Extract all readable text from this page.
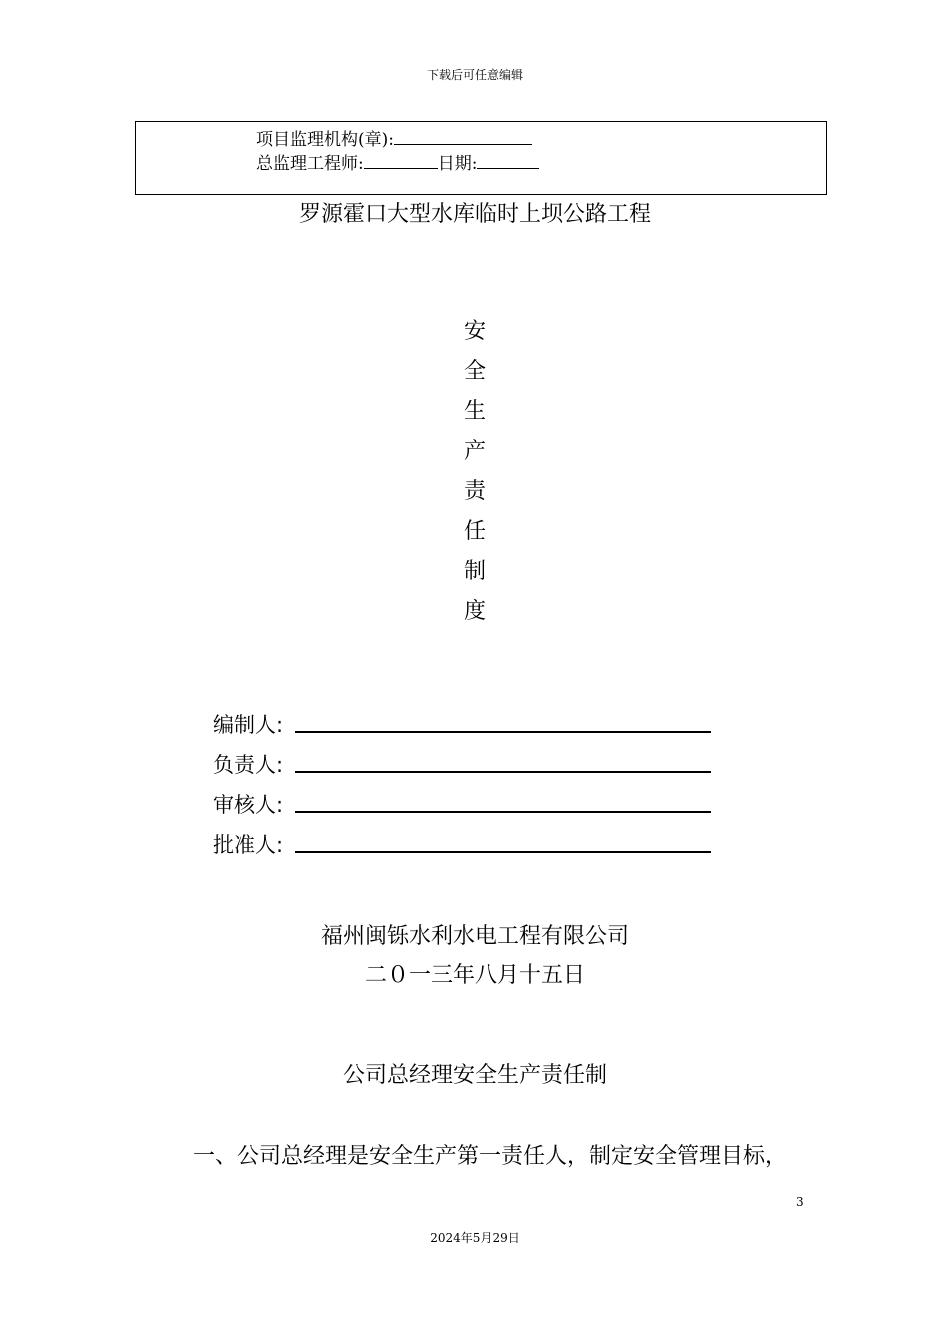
下载后可任意编辑
项目监理机构(章):
总监理工程师:	日期:
罗源霍口大型水库临时上坝公路工程
安
全
生
产
责
任
制
度
编制人:
负责人:
审核人:
批准人:
福州闽铄水利水电工程有限公司
二０一三年八月十五日
公司总经理安全生产责任制
一、公司总经理是安全生产第一责任人，制定安全管理目标，
3
2024年5月29日
